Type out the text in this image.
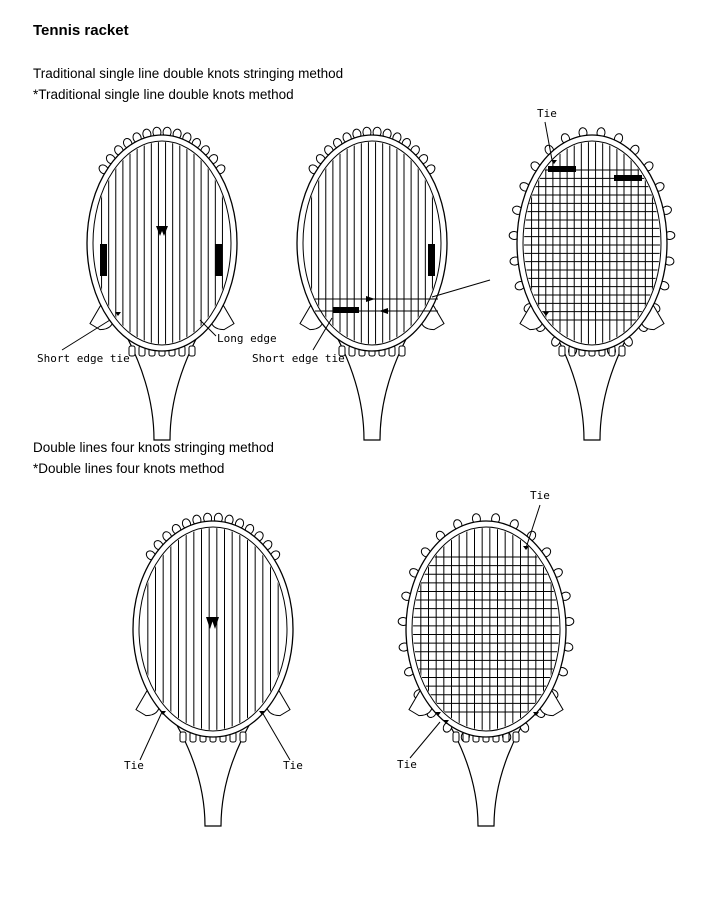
Tennis racket
Traditional single line double knots stringing method
*Traditional single line double knots method
Double lines four knots stringing method
*Double lines four knots method
Short edge tie
Long edge
Short edge tie
Tie
Tie	Tie
Tie
Tie
